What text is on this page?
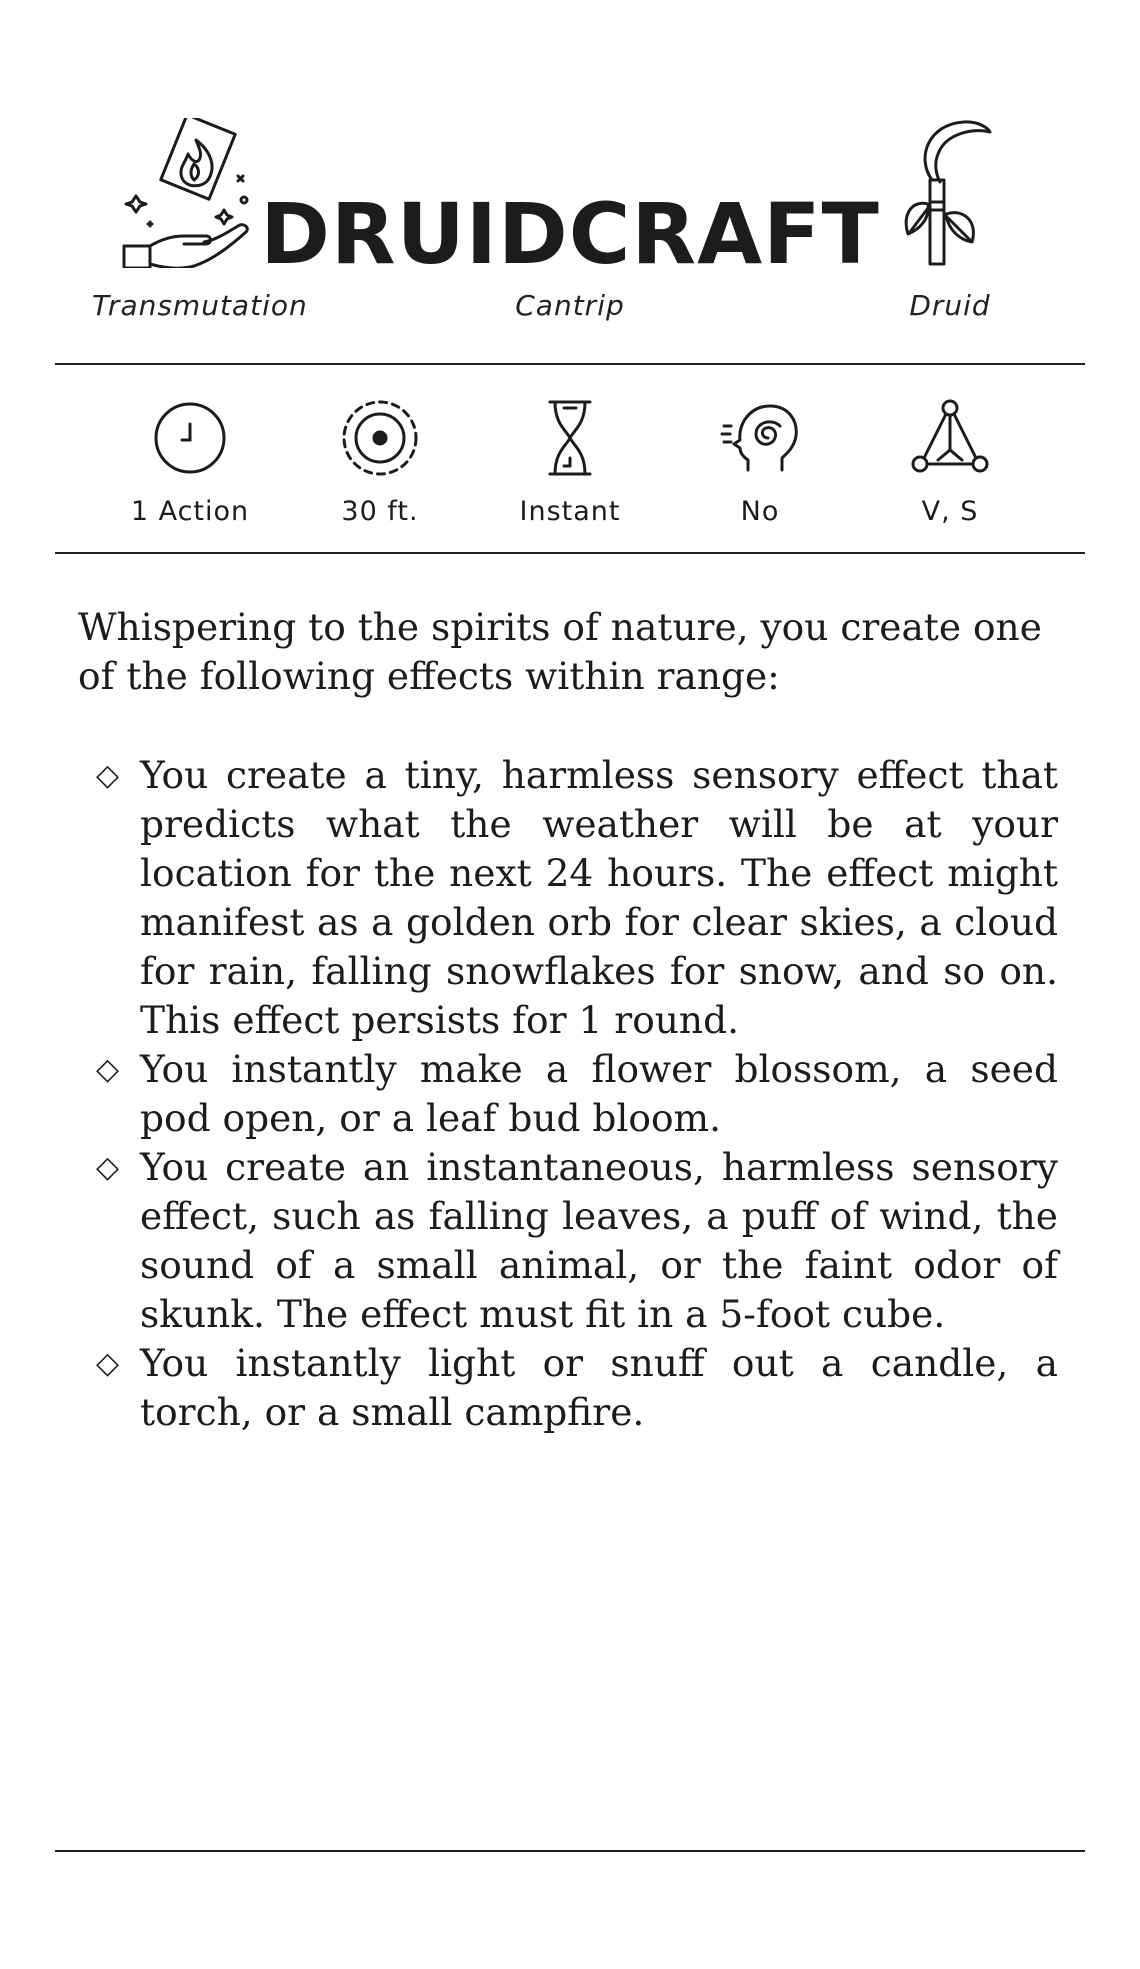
DRUIDCRAFT
Transmutation	Cantrip	Druid
1 Action	30 ft.	Instant	No	V, S

Whispering to the spirits of nature, you create one of the following effects within range:

◇ You create a tiny, harmless sensory effect that predicts what the weather will be at your location for the next 24 hours. The effect might manifest as a golden orb for clear skies, a cloud for rain, falling snowflakes for snow, and so on. This effect persists for 1 round.
◇ You instantly make a flower blossom, a seed pod open, or a leaf bud bloom.
◇ You create an instantaneous, harmless sensory effect, such as falling leaves, a puff of wind, the sound of a small animal, or the faint odor of skunk. The effect must fit in a 5-foot cube.
◇ You instantly light or snuff out a candle, a torch, or a small campfire.
